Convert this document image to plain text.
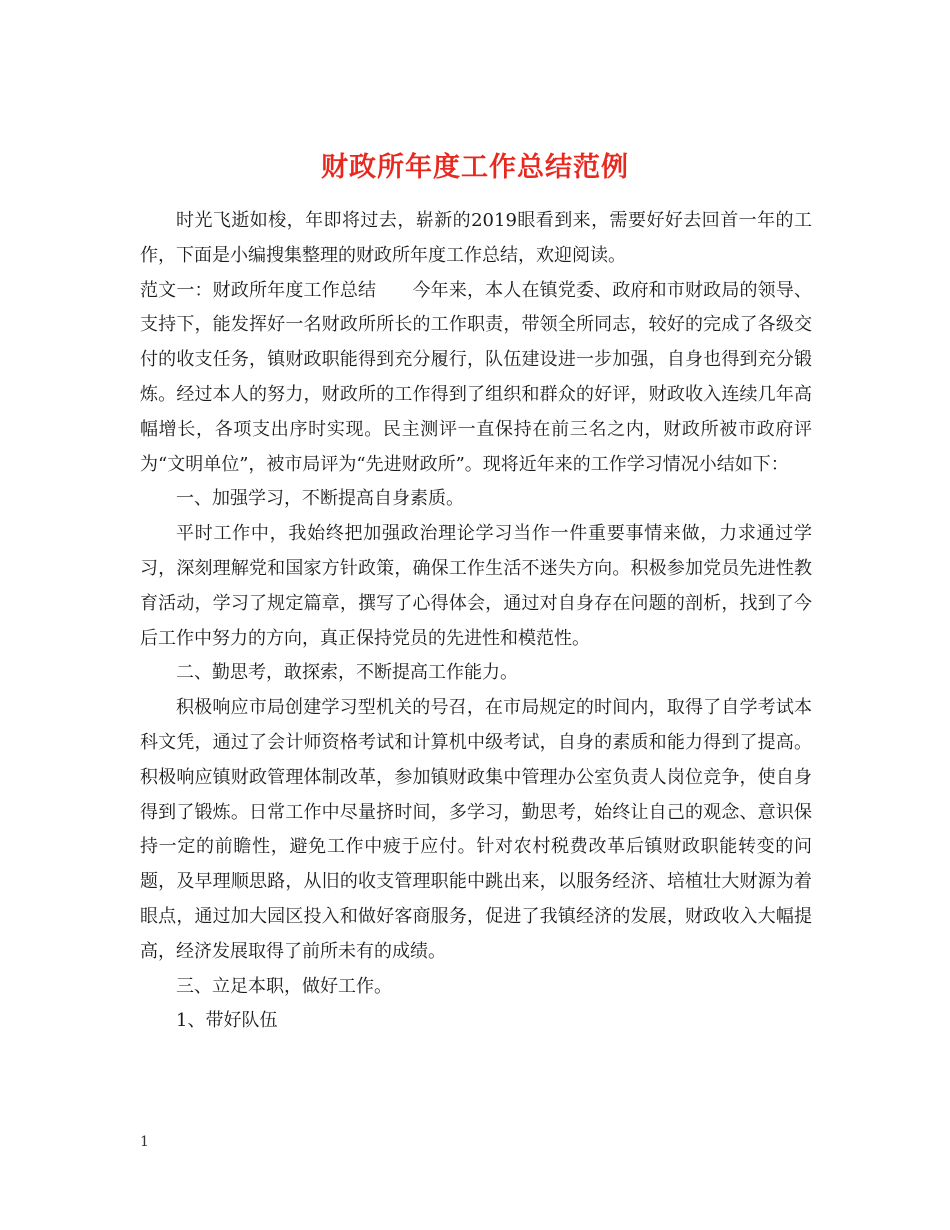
财政所年度工作总结范例

时光飞逝如梭，年即将过去，崭新的2019眼看到来，需要好好去回首一年的工作，下面是小编搜集整理的财政所年度工作总结，欢迎阅读。

范文一：财政所年度工作总结　　今年来，本人在镇党委、政府和市财政局的领导、支持下，能发挥好一名财政所所长的工作职责，带领全所同志，较好的完成了各级交付的收支任务，镇财政职能得到充分履行，队伍建设进一步加强，自身也得到充分锻炼。经过本人的努力，财政所的工作得到了组织和群众的好评，财政收入连续几年高幅增长，各项支出序时实现。民主测评一直保持在前三名之内，财政所被市政府评为“文明单位”，被市局评为“先进财政所”。现将近年来的工作学习情况小结如下：

一、加强学习，不断提高自身素质。

平时工作中，我始终把加强政治理论学习当作一件重要事情来做，力求通过学习，深刻理解党和国家方针政策，确保工作生活不迷失方向。积极参加党员先进性教育活动，学习了规定篇章，撰写了心得体会，通过对自身存在问题的剖析，找到了今后工作中努力的方向，真正保持党员的先进性和模范性。

二、勤思考，敢探索，不断提高工作能力。

积极响应市局创建学习型机关的号召，在市局规定的时间内，取得了自学考试本科文凭，通过了会计师资格考试和计算机中级考试，自身的素质和能力得到了提高。积极响应镇财政管理体制改革，参加镇财政集中管理办公室负责人岗位竞争，使自身得到了锻炼。日常工作中尽量挤时间，多学习，勤思考，始终让自己的观念、意识保持一定的前瞻性，避免工作中疲于应付。针对农村税费改革后镇财政职能转变的问题，及早理顺思路，从旧的收支管理职能中跳出来，以服务经济、培植壮大财源为着眼点，通过加大园区投入和做好客商服务，促进了我镇经济的发展，财政收入大幅提高，经济发展取得了前所未有的成绩。

三、立足本职，做好工作。

1、带好队伍

1
